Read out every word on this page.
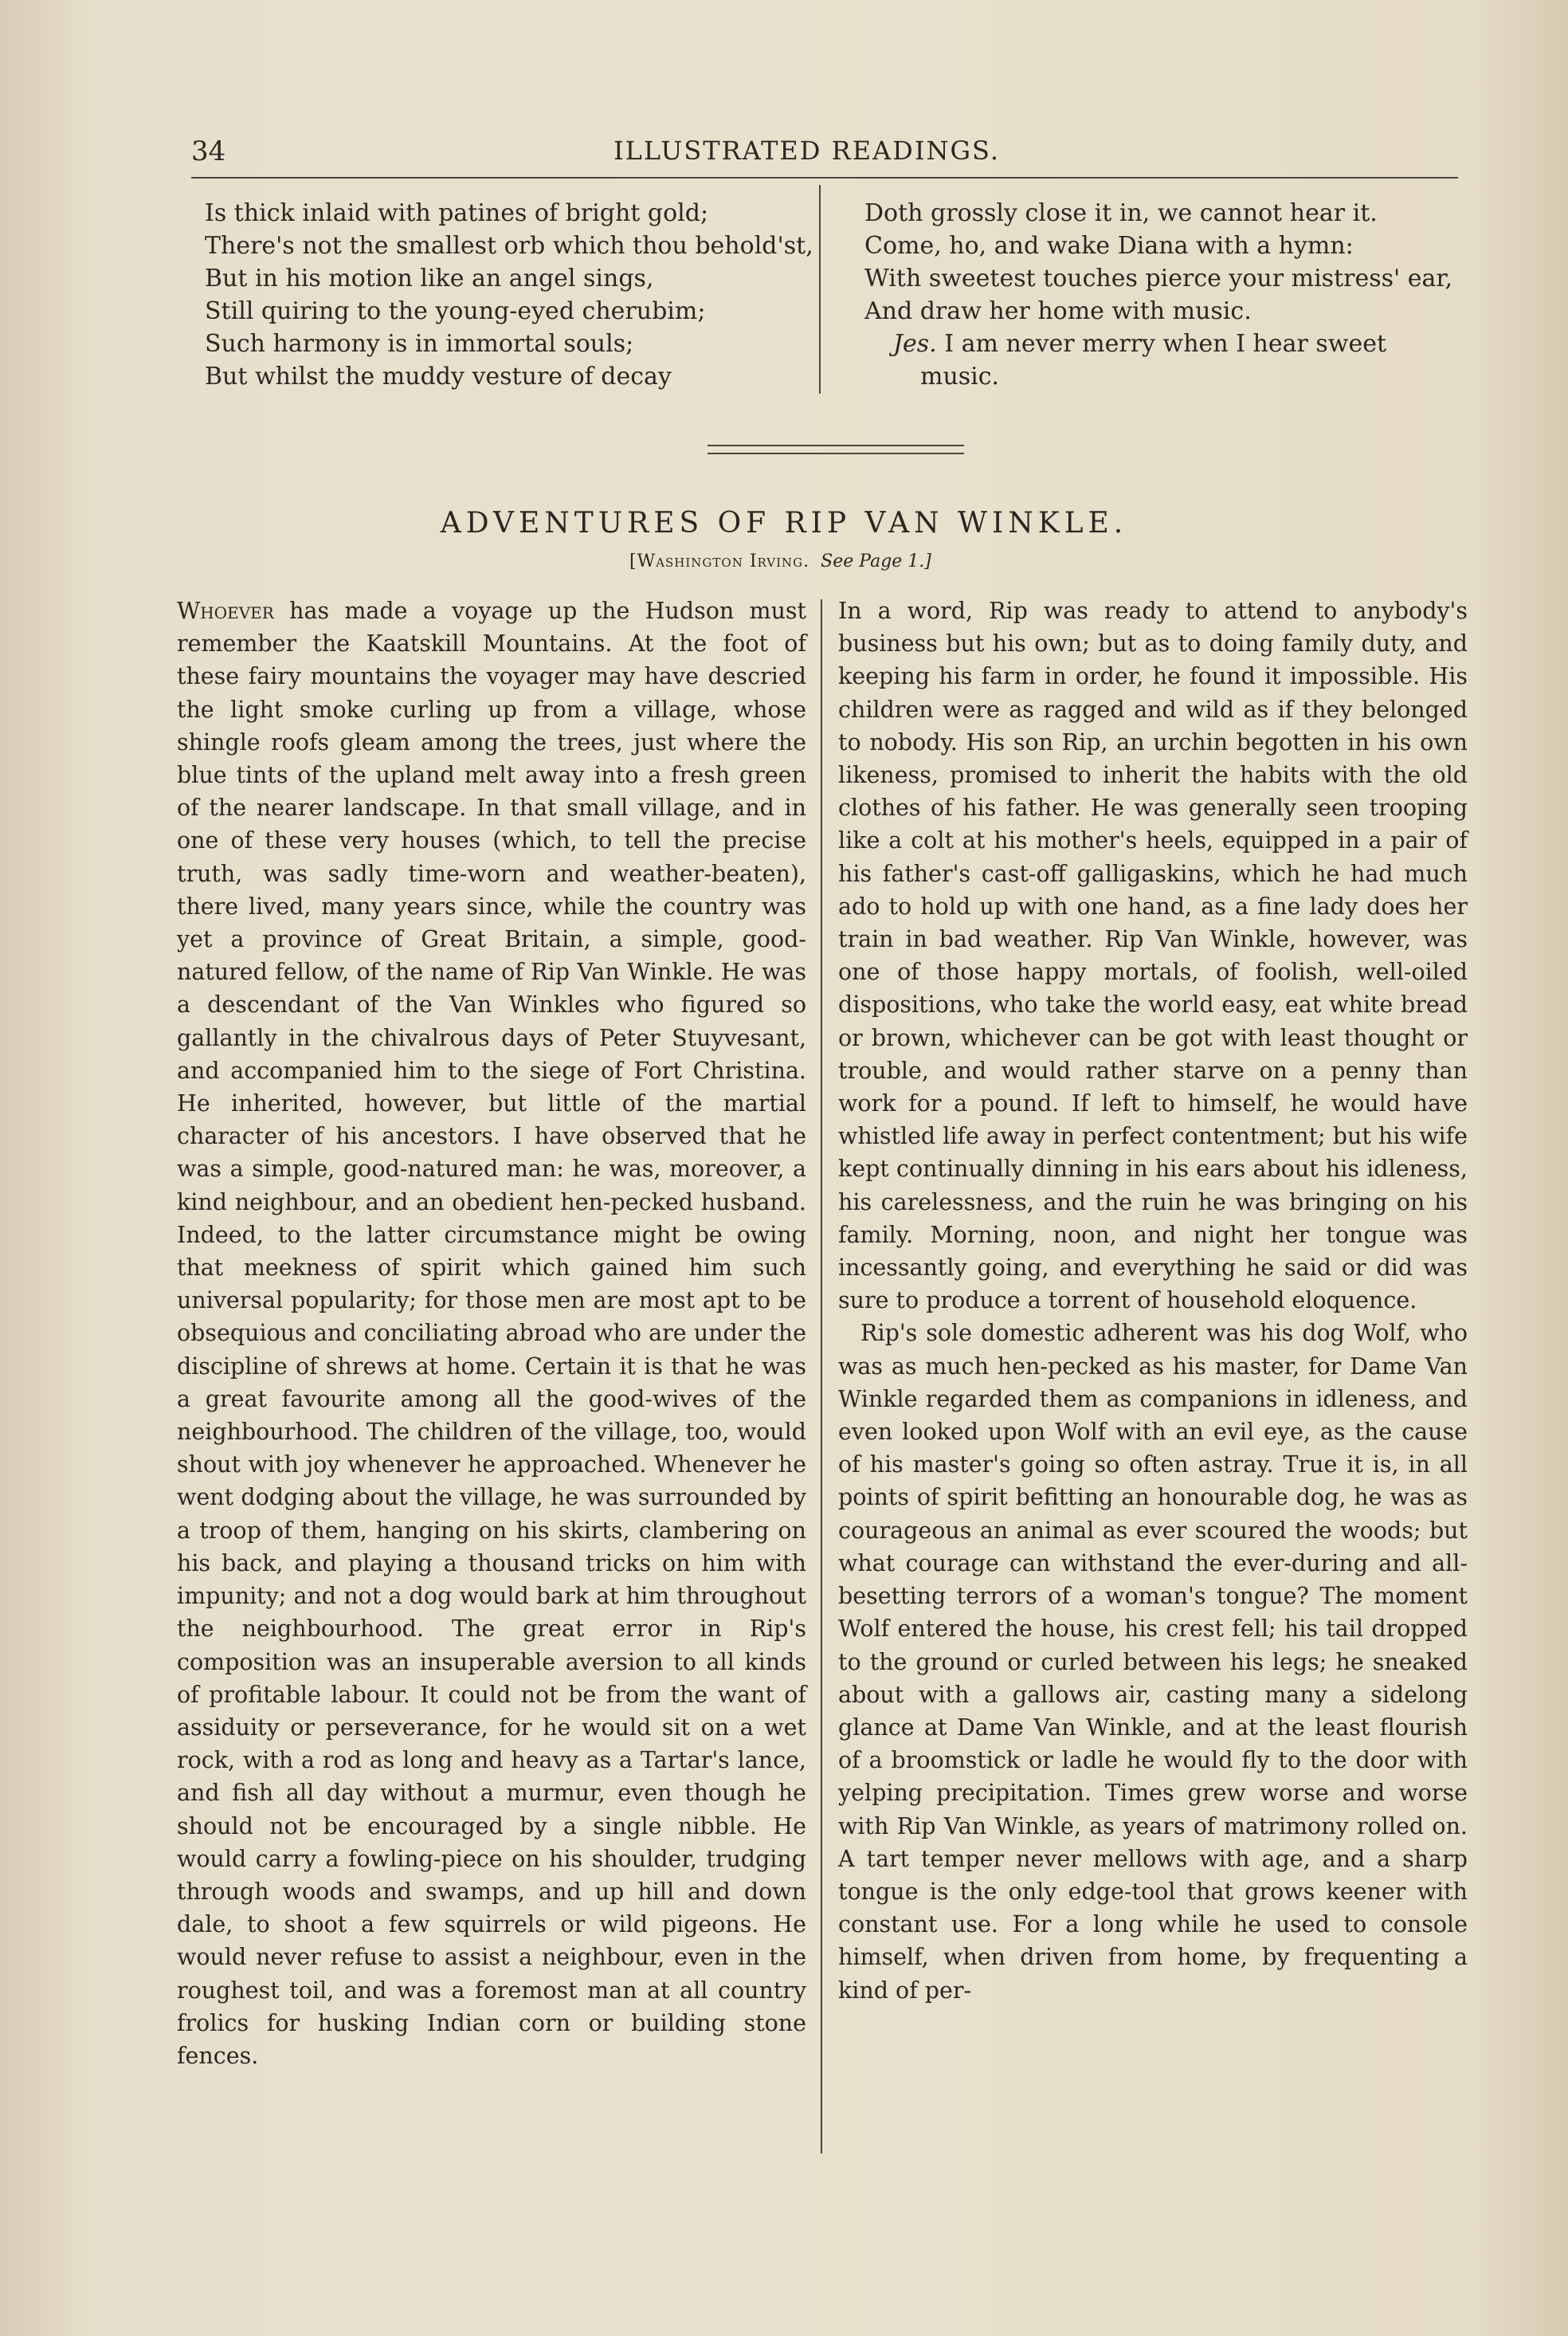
34	ILLUSTRATED READINGS.
Is thick inlaid with patines of bright gold;
There's not the smallest orb which thou behold'st,
But in his motion like an angel sings,
Still quiring to the young-eyed cherubim;
Such harmony is in immortal souls;
But whilst the muddy vesture of decay
Doth grossly close it in, we cannot hear it.
Come, ho, and wake Diana with a hymn:
With sweetest touches pierce your mistress' ear,
And draw her home with music.
Jes. I am never merry when I hear sweet
music.
ADVENTURES OF RIP VAN WINKLE.
[Washington Irving. See Page 1.]

Whoever has made a voyage up the Hudson must remember the Kaatskill Mountains. At the foot of these fairy mountains the voyager may have descried the light smoke curling up from a village, whose shingle roofs gleam among the trees, just where the blue tints of the upland melt away into a fresh green of the nearer landscape. In that small village, and in one of these very houses (which, to tell the precise truth, was sadly time-worn and weather-beaten), there lived, many years since, while the country was yet a province of Great Britain, a simple, good-natured fellow, of the name of Rip Van Winkle. He was a descendant of the Van Winkles who figured so gallantly in the chivalrous days of Peter Stuyvesant, and accompanied him to the siege of Fort Christina. He inherited, however, but little of the martial character of his ancestors. I have observed that he was a simple, good-natured man: he was, moreover, a kind neighbour, and an obedient hen-pecked husband. Indeed, to the latter circumstance might be owing that meekness of spirit which gained him such universal popularity; for those men are most apt to be obsequious and conciliating abroad who are under the discipline of shrews at home. Certain it is that he was a great favourite among all the good-wives of the neighbourhood. The children of the village, too, would shout with joy whenever he approached. Whenever he went dodging about the village, he was surrounded by a troop of them, hanging on his skirts, clambering on his back, and playing a thousand tricks on him with impunity; and not a dog would bark at him throughout the neighbourhood. The great error in Rip's composition was an insuperable aversion to all kinds of profitable labour. It could not be from the want of assiduity or perseverance, for he would sit on a wet rock, with a rod as long and heavy as a Tartar's lance, and fish all day without a murmur, even though he should not be encouraged by a single nibble. He would carry a fowling-piece on his shoulder, trudging through woods and swamps, and up hill and down dale, to shoot a few squirrels or wild pigeons. He would never refuse to assist a neighbour, even in the roughest toil, and was a foremost man at all country frolics for husking Indian corn or building stone fences.

In a word, Rip was ready to attend to anybody's business but his own; but as to doing family duty, and keeping his farm in order, he found it impossible. His children were as ragged and wild as if they belonged to nobody. His son Rip, an urchin begotten in his own likeness, promised to inherit the habits with the old clothes of his father. He was generally seen trooping like a colt at his mother's heels, equipped in a pair of his father's cast-off galligaskins, which he had much ado to hold up with one hand, as a fine lady does her train in bad weather. Rip Van Winkle, however, was one of those happy mortals, of foolish, well-oiled dispositions, who take the world easy, eat white bread or brown, whichever can be got with least thought or trouble, and would rather starve on a penny than work for a pound. If left to himself, he would have whistled life away in perfect contentment; but his wife kept continually dinning in his ears about his idleness, his carelessness, and the ruin he was bringing on his family. Morning, noon, and night her tongue was incessantly going, and everything he said or did was sure to produce a torrent of household eloquence.

Rip's sole domestic adherent was his dog Wolf, who was as much hen-pecked as his master, for Dame Van Winkle regarded them as companions in idleness, and even looked upon Wolf with an evil eye, as the cause of his master's going so often astray. True it is, in all points of spirit befitting an honourable dog, he was as courageous an animal as ever scoured the woods; but what courage can withstand the ever-during and all-besetting terrors of a woman's tongue? The moment Wolf entered the house, his crest fell; his tail dropped to the ground or curled between his legs; he sneaked about with a gallows air, casting many a sidelong glance at Dame Van Winkle, and at the least flourish of a broomstick or ladle he would fly to the door with yelping precipitation. Times grew worse and worse with Rip Van Winkle, as years of matrimony rolled on. A tart temper never mellows with age, and a sharp tongue is the only edge-tool that grows keener with constant use. For a long while he used to console himself, when driven from home, by frequenting a kind of per-
